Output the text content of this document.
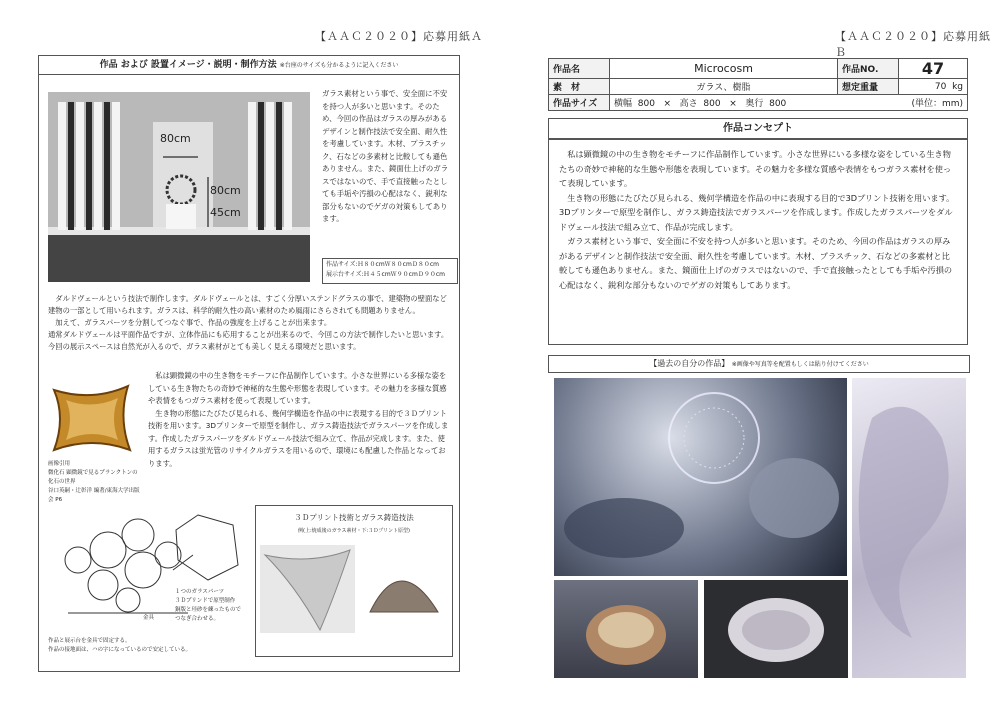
【ＡＡＣ２０２０】応募用紙Ａ
作品 および 設置イメージ・説明・制作方法 ※台座のサイズも分かるように記入ください
80cm
80cm
45cm
ガラス素材という事で、安全面に不安を持つ人が多いと思います。そのため、今回の作品はガラスの厚みがあるデザインと制作技法で安全面、耐久性を考慮しています。木材、プラスチック、石などの多素材と比較しても遜色ありません。また、鏡面仕上げのガラスではないので、手で直接触ったとしても手垢や汚損の心配はなく、鋭利な部分もないのでゲガの対策もしてあります。
作品サイズ:Ｈ８０cmＷ８０cmＤ８０cm
展示台サイズ:Ｈ４５cmＷ９０cmＤ９０cm
　ダルドヴェールという技法で制作します。ダルドヴェールとは、すごく分厚いステンドグラスの事で、建築物の壁面など建物の一部として用いられます。ガラスは、科学的耐久性の高い素材のため風雨にさらされても問題ありません。
　加えて、ガラスパーツを分割してつなぐ事で、作品の強度を上げることが出来ます。
通常ダルドヴェールは平面作品ですが、立体作品にも応用することが出来るので、今回この方法で制作したいと思います。今回の展示スペースは自然光が入るので、ガラス素材がとても美しく見える環境だと思います。
画像引用
微化石 顕微鏡で見るプランクトンの化石の世界
谷口英嗣・辻彰洋 編著/東海大学出版会 P6
　私は顕微鏡の中の生き物をモチーフに作品制作しています。小さな世界にいる多様な姿をしている生き物たちの奇妙で神秘的な生態や形態を表現しています。その魅力を多様な質感や表情をもつガラス素材を使って表現しています。
　生き物の形態にたびたび見られる、幾何学構造を作品の中に表現する目的で３Ｄプリント技術を用います。3Dプリンターで原型を制作し、ガラス鋳造技法でガラスパーツを作成します。作成したガラスパーツをダルドヴェール技法で組み立て、作品が完成します。また、使用するガラスは蛍光管のリサイクルガラスを用いるので、環境にも配慮した作品となっております。
１つのガラスパーツ
３Ｄプリンドで原型制作
銅版と珪砂を練ったもので
つなぎ合わせる。
金具
作品と展示台を金具で固定する。
作品の接地面は、ハの字になっているので安定している。
３Ｄプリント技術とガラス鋳造技法
例(上:焼成後のガラス素材・下:３Ｄプリント原型)
【ＡＡＣ２０２０】応募用紙Ｂ
作品名	Microcosm	作品NO.	47
素　材	ガラス、樹脂	想定重量	70 kg
作品サイズ	横幅 800 × 高さ 800 × 奥行 800 (単位：mm)		
作品コンセプト
　私は顕微鏡の中の生き物をモチーフに作品制作しています。小さな世界にいる多様な姿をしている生き物たちの奇妙で神秘的な生態や形態を表現しています。その魅力を多様な質感や表情をもつガラス素材を使って表現しています。
　生き物の形態にたびたび見られる、幾何学構造を作品の中に表現する目的で3Dプリント技術を用います。3Dプリンターで原型を制作し、ガラス鋳造技法でガラスパーツを作成します。作成したガラスパーツをダルドヴェール技法で組み立て、作品が完成します。
　ガラス素材という事で、安全面に不安を持つ人が多いと思います。そのため、今回の作品はガラスの厚みがあるデザインと制作技法で安全面、耐久性を考慮しています。木材、プラスチック、石などの多素材と比較しても遜色ありません。また、鏡面仕上げのガラスではないので、手で直接触ったとしても手垢や汚損の心配はなく、鋭利な部分もないのでゲガの対策もしてあります。
【過去の自分の作品】 ※画像や写真等を配置もしくは貼り付けてください
